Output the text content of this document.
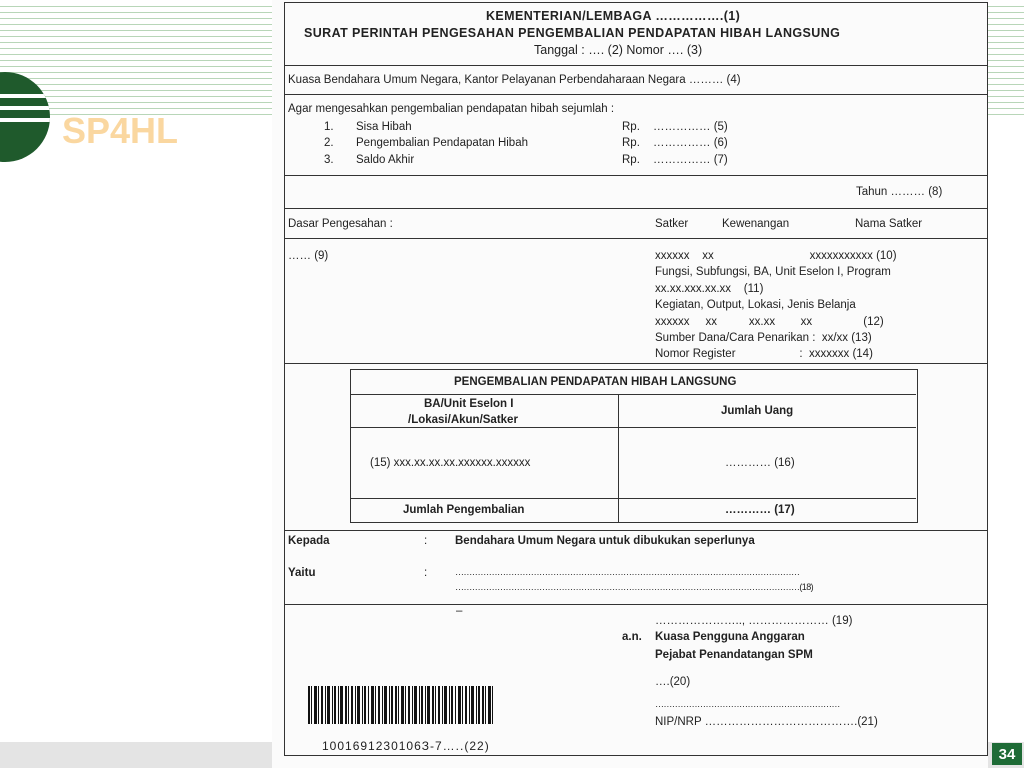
SP4HL
34
KEMENTERIAN/LEMBAGA …………….(1)
SURAT PERINTAH PENGESAHAN PENGEMBALIAN PENDAPATAN HIBAH LANGSUNG
Tanggal : …. (2) Nomor …. (3)
Kuasa Bendahara Umum Negara, Kantor Pelayanan Perbendaharaan Negara ……… (4)
Agar mengesahkan pengembalian pendapatan hibah sejumlah :
1. Sisa Hibah	Rp. …………… (5)
2. Pengembalian Pendapatan Hibah	Rp. …………… (6)
3. Saldo Akhir	Rp. …………… (7)
Tahun ……… (8)
Dasar Pengesahan :	Satker	Kewenangan	Nama Satker
…… (9)	xxxxxx    xx                              xxxxxxxxxxx (10)
Fungsi, Subfungsi, BA, Unit Eselon I, Program
xx.xx.xxx.xx.xx    (11)
Kegiatan, Output, Lokasi, Jenis Belanja
xxxxxx     xx          xx.xx        xx                (12)
Sumber Dana/Cara Penarikan :  xx/xx (13)
Nomor Register                    :  xxxxxxx (14)
PENGEMBALIAN PENDAPATAN HIBAH LANGSUNG
BA/Unit Eselon I
/Lokasi/Akun/Satker
Jumlah Uang
(15) xxx.xx.xx.xx.xxxxxx.xxxxxx	………… (16)
Jumlah Pengembalian	………… (17)
Kepada	: Bendahara Umum Negara untuk dibukukan seperlunya
Yaitu	:	……………………………………………………………………………………………………………
……………………………………………………………………………………………………………(18)
–
………………….., ………………… (19)
a.n. Kuasa Pengguna Anggaran
Pejabat Penandatangan SPM
….(20)
…………………………………………………………
NIP/NRP ………………………………….(21)
1001691230106З-7…..(22)
